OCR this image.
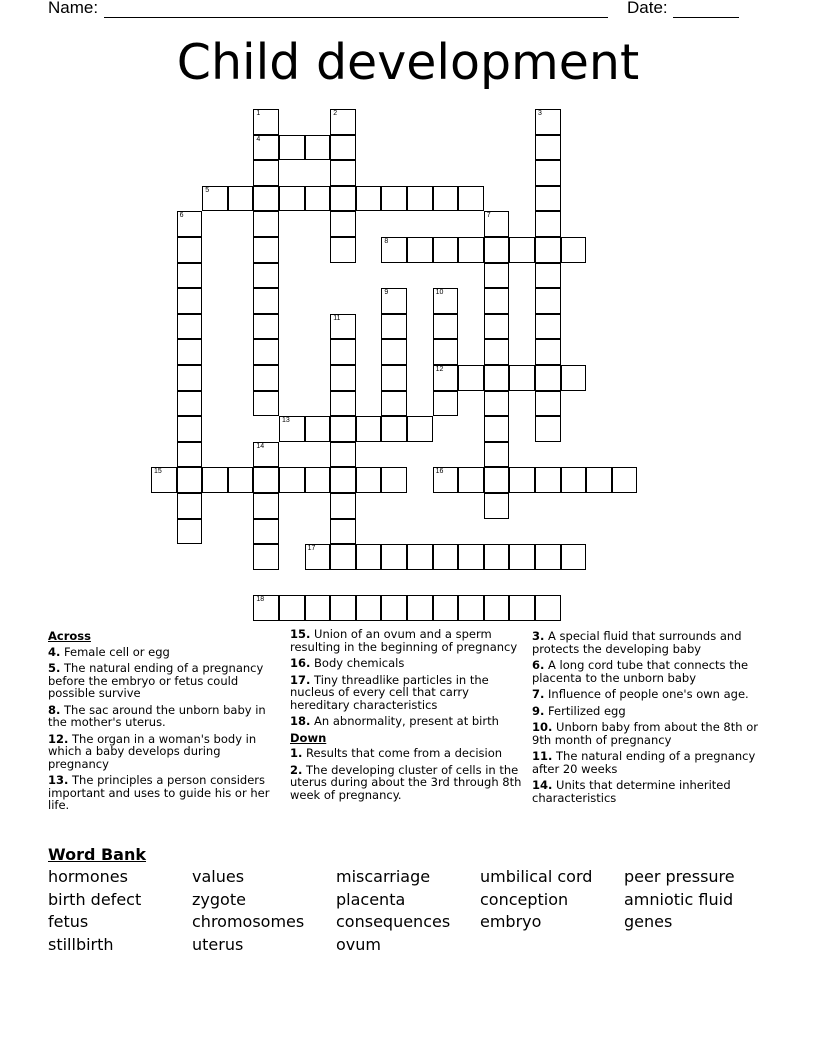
Name:	Date:
Child development
1	2	3
4
5
6	7
8
9	10
11
12
13
14
15	16
17
18
Across
4. Female cell or egg
5. The natural ending of a pregnancy before the embryo or fetus could possible survive
8. The sac around the unborn baby in the mother's uterus.
12. The organ in a woman's body in which a baby develops during pregnancy
13. The principles a person considers important and uses to guide his or her life.
15. Union of an ovum and a sperm resulting in the beginning of pregnancy
16. Body chemicals
17. Tiny threadlike particles in the nucleus of every cell that carry hereditary characteristics
18. An abnormality, present at birth
Down
1. Results that come from a decision
2. The developing cluster of cells in the uterus during about the 3rd through 8th week of pregnancy.
3. A special fluid that surrounds and protects the developing baby
6. A long cord tube that connects the placenta to the unborn baby
7. Influence of people one's own age.
9. Fertilized egg
10. Unborn baby from about the 8th or 9th month of pregnancy
11. The natural ending of a pregnancy after 20 weeks
14. Units that determine inherited characteristics
Word Bank
hormones
birth defect
fetus
stillbirth
values
zygote
chromosomes
uterus
miscarriage
placenta
consequences
ovum
umbilical cord
conception
embryo
peer pressure
amniotic fluid
genes
